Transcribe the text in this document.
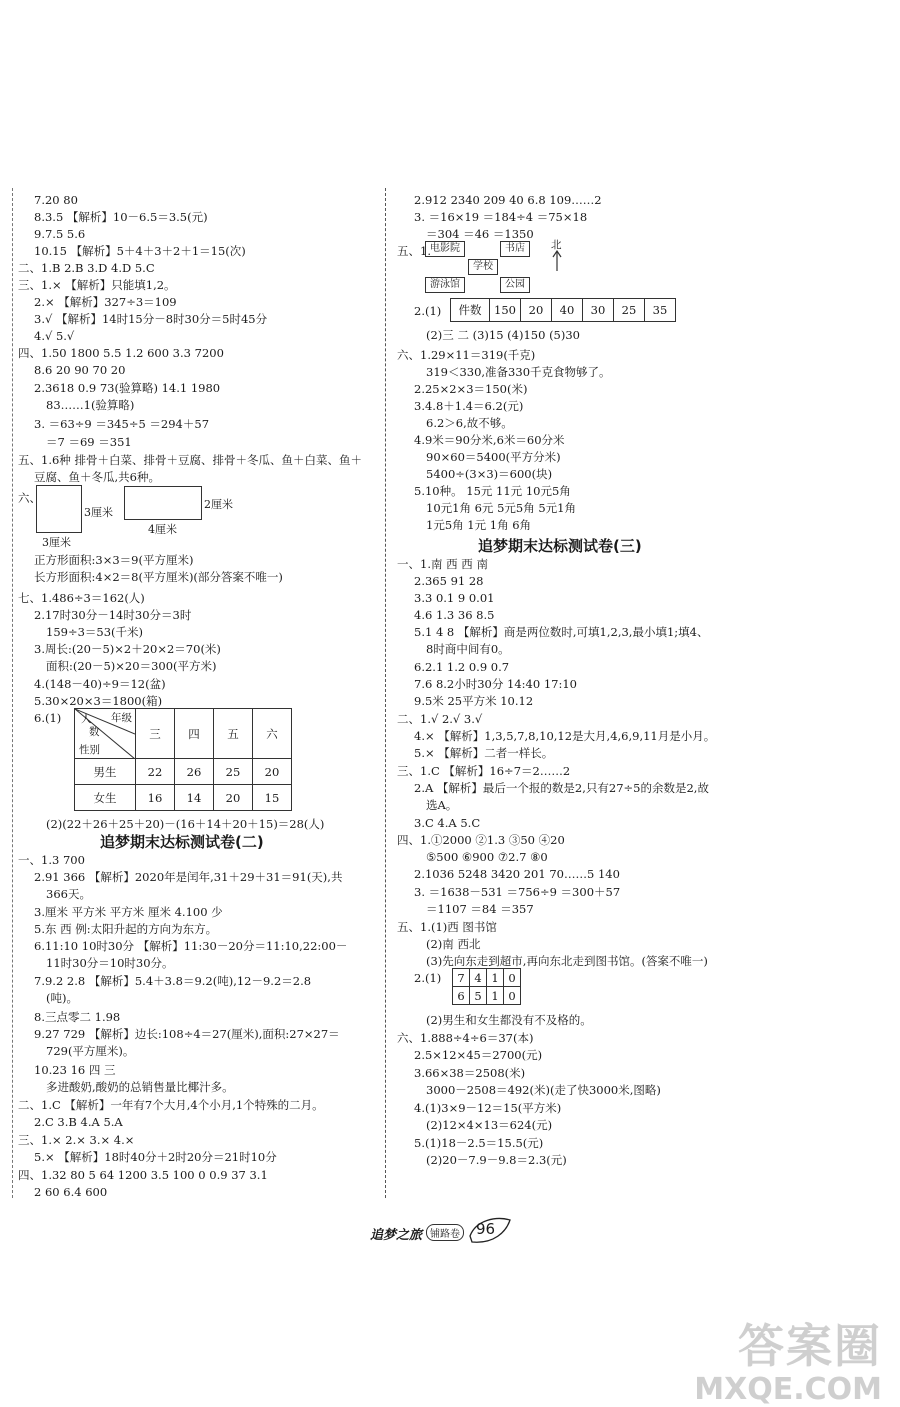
7.20 80
8.3.5 【解析】10－6.5＝3.5(元)
9.7.5 5.6
10.15 【解析】5＋4＋3＋2＋1＝15(次)
二、1.B 2.B 3.D 4.D 5.C
三、1.× 【解析】只能填1,2。
2.× 【解析】327÷3＝109
3.√ 【解析】14时15分－8时30分＝5时45分
4.√ 5.√
四、1.50 1800 5.5 1.2 600 3.3 7200
8.6 20 90 70 20
2.3618 0.9 73(验算略) 14.1 1980
83……1(验算略)
3. ＝63÷9 ＝345÷5 ＝294＋57
＝7 ＝69 ＝351
五、1.6种 排骨＋白菜、排骨＋豆腐、排骨＋冬瓜、鱼＋白菜、鱼＋
豆腐、鱼＋冬瓜,共6种。
正方形面积:3×3＝9(平方厘米)
长方形面积:4×2＝8(平方厘米)(部分答案不唯一)
七、1.486÷3＝162(人)
2.17时30分－14时30分＝3时
159÷3＝53(千米)
3.周长:(20－5)×2＋20×2＝70(米)
面积:(20－5)×20＝300(平方米)
4.(148－40)÷9＝12(盆)
5.30×20×3＝1800(箱)
6.(1)
(2)(22＋26＋25＋20)－(16＋14＋20＋15)＝28(人)
一、1.3 700
2.91 366 【解析】2020年是闰年,31＋29＋31＝91(天),共
366天。
3.厘米 平方米 平方米 厘米 4.100 少
5.东 西 例:太阳升起的方向为东方。
6.11:10 10时30分 【解析】11:30－20分＝11:10,22:00－
11时30分＝10时30分。
7.9.2 2.8 【解析】5.4＋3.8＝9.2(吨),12－9.2＝2.8
(吨)。
8.三点零二 1.98
9.27 729 【解析】边长:108÷4＝27(厘米),面积:27×27＝
729(平方厘米)。
10.23 16 四 三
多进酸奶,酸奶的总销售量比椰汁多。
二、1.C 【解析】一年有7个大月,4个小月,1个特殊的二月。
2.C 3.B 4.A 5.A
三、1.× 2.× 3.× 4.×
5.× 【解析】18时40分＋2时20分＝21时10分
四、1.32 80 5 64 1200 3.5 100 0 0.9 37 3.1
2 60 6.4 600
2.912 2340 209 40 6.8 109……2
3. ＝16×19 ＝184÷4 ＝75×18
＝304 ＝46 ＝1350
五、1.
2.(1)
(2)三 二 (3)15 (4)150 (5)30
六、1.29×11＝319(千克)
319＜330,准备330千克食物够了。
2.25×2×3＝150(米)
3.4.8＋1.4＝6.2(元)
6.2＞6,故不够。
4.9米＝90分米,6米＝60分米
90×60＝5400(平方分米)
5400÷(3×3)＝600(块)
5.10种。 15元 11元 10元5角
10元1角 6元 5元5角 5元1角
1元5角 1元 1角 6角
一、1.南 西 西 南
2.365 91 28
3.3 0.1 9 0.01
4.6 1.3 36 8.5
5.1 4 8 【解析】商是两位数时,可填1,2,3,最小填1;填4、
8时商中间有0。
6.2.1 1.2 0.9 0.7
7.6 8.2小时30分 14:40 17:10
9.5米 25平方米 10.12
二、1.√ 2.√ 3.√
4.× 【解析】1,3,5,7,8,10,12是大月,4,6,9,11月是小月。
5.× 【解析】二者一样长。
三、1.C 【解析】16÷7＝2……2
2.A 【解析】最后一个报的数是2,只有27÷5的余数是2,故
选A。
3.C 4.A 5.C
四、1.①2000 ②1.3 ③50 ④20
⑤500 ⑥900 ⑦2.7 ⑧0
2.1036 5248 3420 201 70……5 140
3. ＝1638－531 ＝756÷9 ＝300＋57
＝1107 ＝84 ＝357
五、1.(1)西 图书馆
(2)南 西北
(3)先向东走到超市,再向东北走到图书馆。(答案不唯一)
2.(1)
(2)男生和女生都没有不及格的。
六、1.888÷4÷6＝37(本)
2.5×12×45＝2700(元)
3.66×38＝2508(米)
3000－2508＝492(米)(走了快3000米,图略)
4.(1)3×9－12＝15(平方米)
(2)12×4×13＝624(元)
5.(1)18－2.5＝15.5(元)
(2)20－7.9－9.8＝2.3(元)
追梦期末达标测试卷(二)
追梦期末达标测试卷(三)
六、
3厘米
3厘米
2厘米
4厘米
年级
人
数
性别	三	四	五	六
男生	22	26	25	20
女生	16	14	20	15
电影院	书店	北
学校
游泳馆	公园
件数	150	20	40	30	25	35
7	4	1	0
6	5	1	0
追梦之旅 铺路卷 96
答案圈
MXQE.COM
